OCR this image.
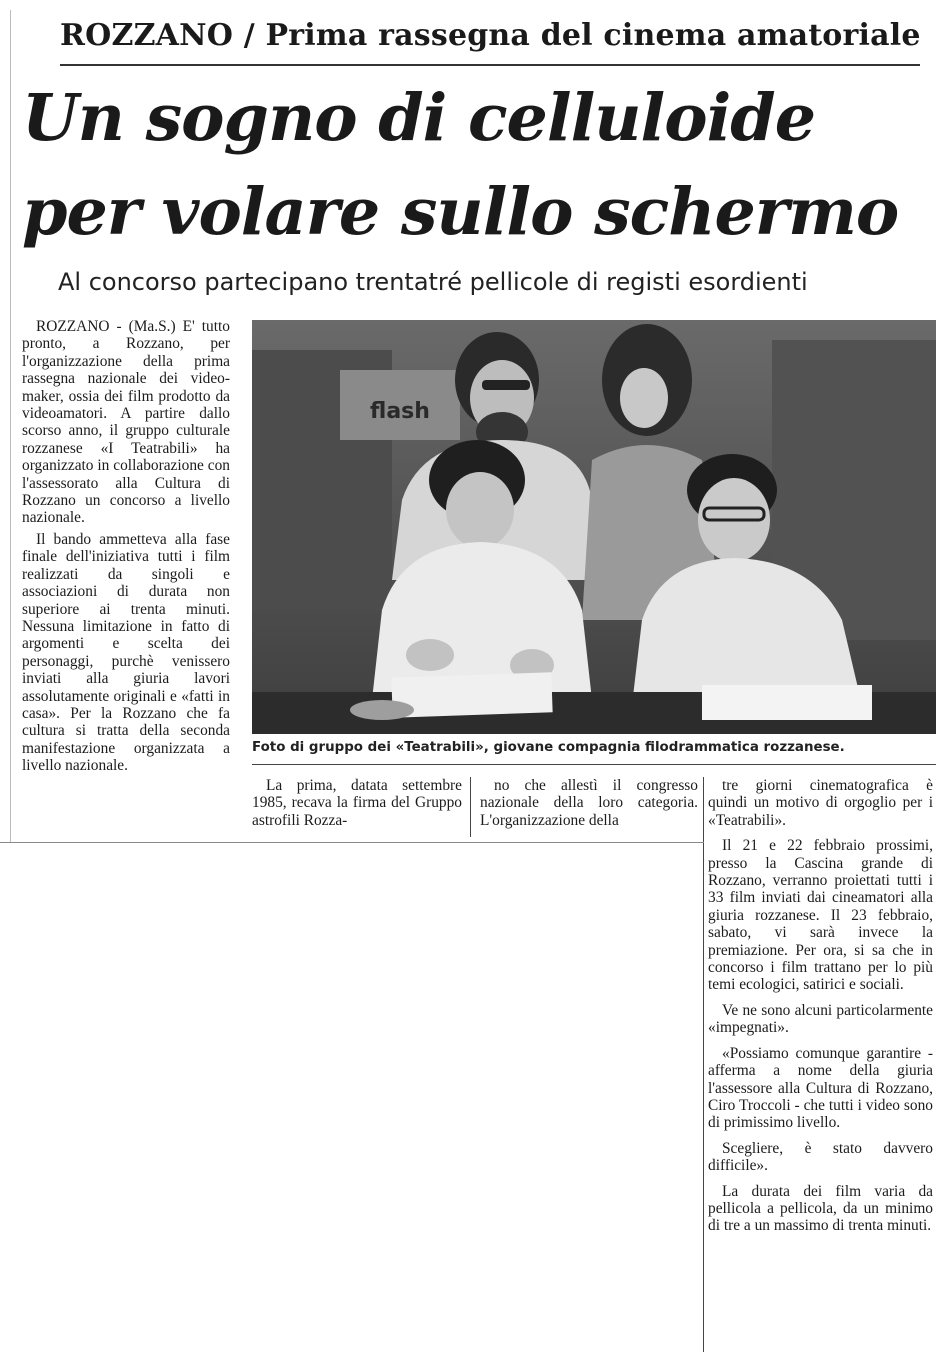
ROZZANO / Prima rassegna del cinema amatoriale
Un sogno di celluloide
per volare sullo schermo
Al concorso partecipano trentatré pellicole di registi esordienti

ROZZANO - (Ma.S.) E' tutto pronto, a Rozzano, per l'organizzazione della prima rassegna nazionale dei video-maker, ossia dei film prodotto da videoamatori. A partire dallo scorso anno, il gruppo culturale rozzanese «I Teatrabili» ha organizzato in collaborazione con l'assessorato alla Cultura di Rozzano un concorso a livello nazionale.

Il bando ammetteva alla fase finale dell'iniziativa tutti i film realizzati da singoli e associazioni di durata non superiore ai trenta minuti. Nessuna limitazione in fatto di argomenti e scelta dei personaggi, purchè venissero inviati alla giuria lavori assolutamente originali e «fatti in casa». Per la Rozzano che fa cultura si tratta della seconda manifestazione organizzata a livello nazionale.

flash
Foto di gruppo dei «Teatrabili», giovane compagnia filodrammatica rozzanese.

La prima, datata settembre 1985, recava la firma del Gruppo astrofili Rozza-

no che allestì il congresso nazionale della loro categoria. L'organizzazione della

tre giorni cinematografica è quindi un motivo di orgoglio per i «Teatrabili».

Il 21 e 22 febbraio prossimi, presso la Cascina grande di Rozzano, verranno proiettati tutti i 33 film inviati dai cineamatori alla giuria rozzanese. Il 23 febbraio, sabato, vi sarà invece la premiazione. Per ora, si sa che in concorso i film trattano per lo più temi ecologici, satirici e sociali.

Ve ne sono alcuni particolarmente «impegnati».

«Possiamo comunque garantire - afferma a nome della giuria l'assessore alla Cultura di Rozzano, Ciro Troccoli - che tutti i video sono di primissimo livello.

Scegliere, è stato davvero difficile».

La durata dei film varia da pellicola a pellicola, da un minimo di tre a un massimo di trenta minuti.
